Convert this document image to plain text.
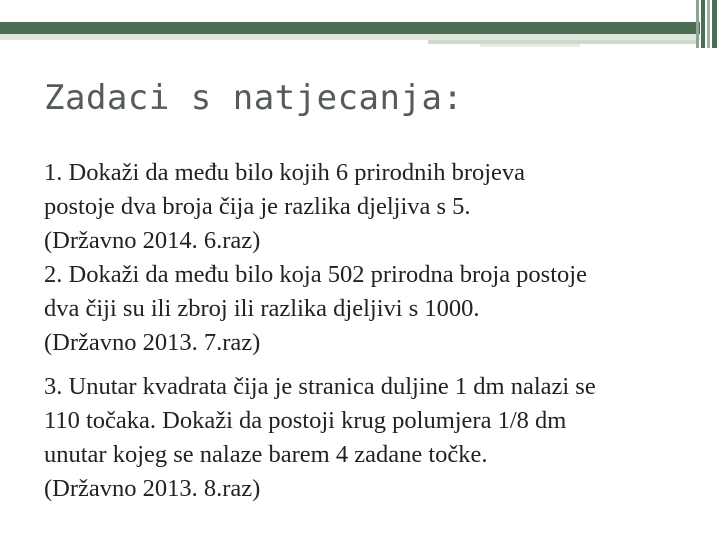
Zadaci s natjecanja:

1. Dokaži da među bilo kojih 6 prirodnih brojeva
postoje dva broja čija je razlika djeljiva s 5.
(Državno 2014. 6.raz)

2. Dokaži da među bilo koja 502 prirodna broja postoje
dva čiji su ili zbroj ili razlika djeljivi s 1000.
(Državno 2013. 7.raz)

3. Unutar kvadrata čija je stranica duljine 1 dm nalazi se
110 točaka. Dokaži da postoji krug polumjera 1/8 dm
unutar kojeg se nalaze barem 4 zadane točke.
(Državno 2013. 8.raz)
